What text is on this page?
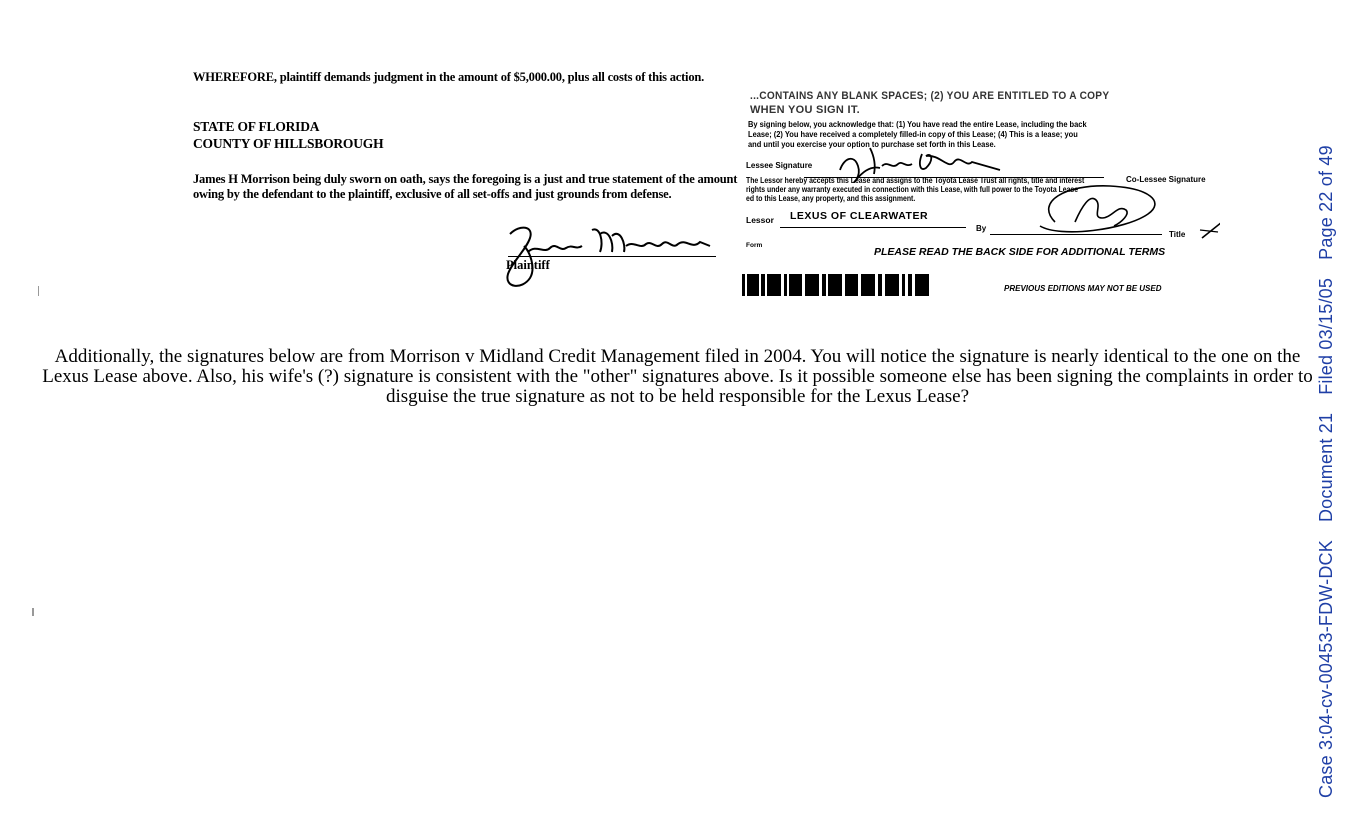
WHEREFORE, plaintiff demands judgment in the amount of $5,000.00, plus all costs of this action.

STATE OF FLORIDA

COUNTY OF HILLSBOROUGH

James H Morrison being duly sworn on oath, says the foregoing is a just and true statement of the amount owing by the defendant to the plaintiff, exclusive of all set-offs and just grounds from defense.

Plaintiff
...CONTAINS ANY BLANK SPACES; (2) YOU ARE ENTITLED TO A COPY
WHEN YOU SIGN IT.
By signing below, you acknowledge that: (1) You have read the entire Lease, including the back
Lease; (2) You have received a completely filled-in copy of this Lease; (4) This is a lease; you
and until you exercise your option to purchase set forth in this Lease.
Lessee Signature
Co-Lessee Signature
The Lessor hereby accepts this Lease and assigns to the Toyota Lease Trust all rights, title and interest
rights under any warranty executed in connection with this Lease, with full power to the Toyota Lease
ed to this Lease, any property, and this assignment.
Lessor LEXUS OF CLEARWATER
By
Title
Form
PLEASE READ THE BACK SIDE FOR ADDITIONAL TERMS
PREVIOUS EDITIONS MAY NOT BE USED
Additionally, the signatures below are from Morrison v Midland Credit Management filed in 2004. You will notice the signature is nearly identical to the one on the Lexus Lease above. Also, his wife's (?) signature is consistent with the "other" signatures above. Is it possible someone else has been signing the complaints in order to disguise the true signature as not to be held responsible for the Lexus Lease?
Case 3:04-cv-00453-FDW-DCKDocument 21Filed 03/15/05Page 22 of 49
